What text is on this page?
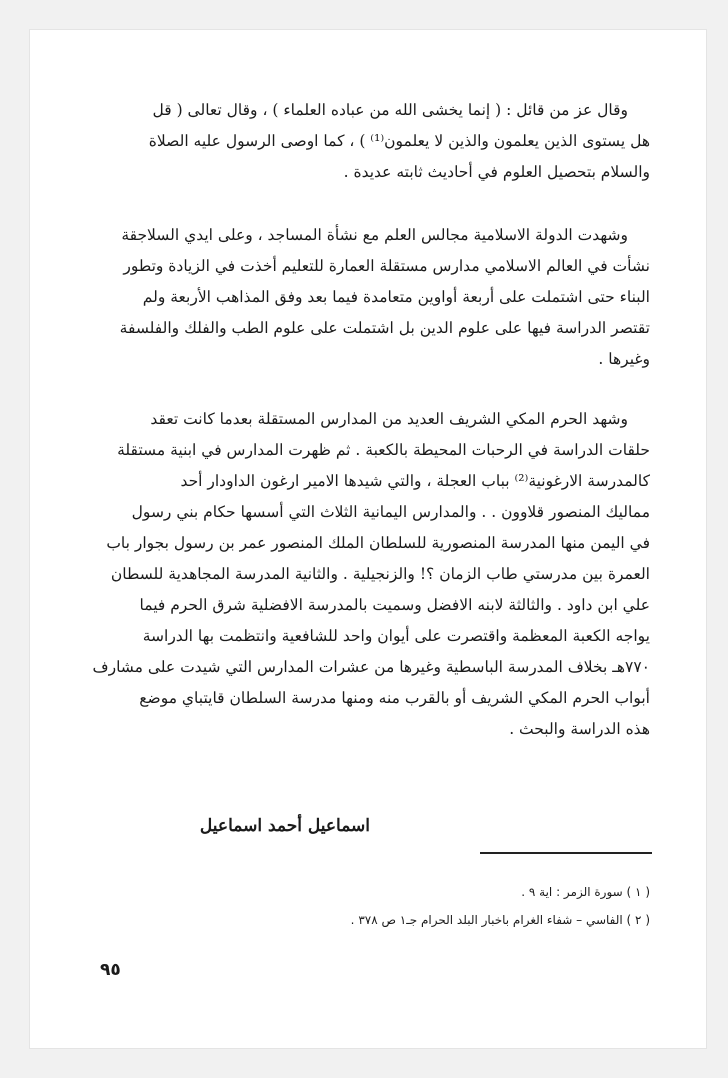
وقال عز من قائل : ( إنما يخشى الله من عباده العلماء ) ، وقال تعالى ( قل
هل يستوى الذين يعلمون والذين لا يعلمون⁽¹⁾ ) ، كما اوصى الرسول عليه الصلاة
والسلام بتحصيل العلوم في أحاديث ثابته عديدة .
وشهدت الدولة الاسلامية مجالس العلم مع نشأة المساجد ، وعلى ايدي السلاجقة
نشأت في العالم الاسلامي مدارس مستقلة العمارة للتعليم أخذت في الزيادة وتطور
البناء حتى اشتملت على أربعة أواوين متعامدة فيما بعد وفق المذاهب الأربعة ولم
تقتصر الدراسة فيها على علوم الدين بل اشتملت على علوم الطب والفلك والفلسفة
وغيرها .
وشهد الحرم المكي الشريف العديد من المدارس المستقلة بعدما كانت تعقد
حلقات الدراسة في الرحبات المحيطة بالكعبة . ثم ظهرت المدارس في ابنية مستقلة
كالمدرسة الارغونية⁽²⁾ بباب العجلة ، والتي شيدها الامير ارغون الداودار أحد
مماليك المنصور قلاوون . . والمدارس اليمانية الثلاث التي أسسها حكام بني رسول
في اليمن منها المدرسة المنصورية للسلطان الملك المنصور عمر بن رسول بجوار باب
العمرة بين مدرستي طاب الزمان ؟! والزنجيلية . والثانية المدرسة المجاهدية للسطان
علي ابن داود . والثالثة لابنه الافضل وسميت بالمدرسة الافضلية شرق الحرم فيما
يواجه الكعبة المعظمة واقتصرت على أيوان واحد للشافعية وانتظمت بها الدراسة
٧٧٠هـ بخلاف المدرسة الباسطية وغيرها من عشرات المدارس التي شيدت على مشارف
أبواب الحرم المكي الشريف أو بالقرب منه ومنها مدرسة السلطان قايتباي موضع
هذه الدراسة والبحث .
اسماعيل أحمد اسماعيل
( ١ ) سورة الزمر : اية ٩ .
( ٢ ) الفاسي – شفاء الغرام باخبار البلد الحرام جـ١ ص ٣٧٨ .
٩٥
